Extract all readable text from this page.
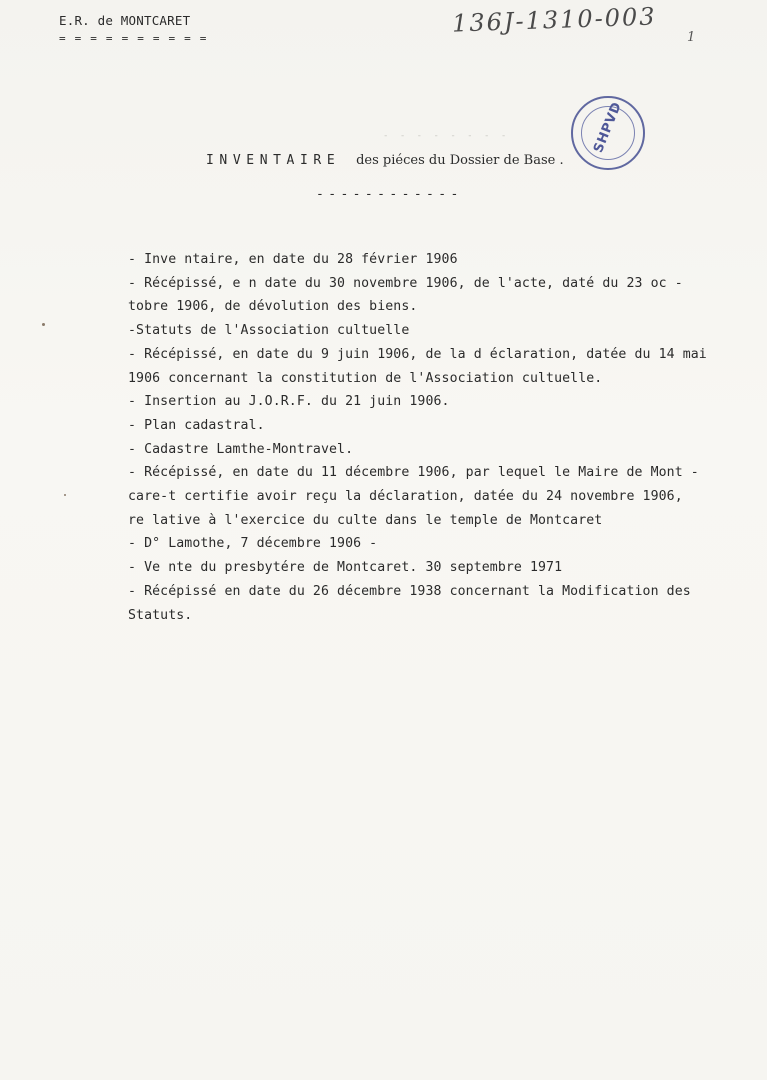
E.R. de MONTCARET
= = = = = = = = = =
136J-1310-003 1
SHPVD
- - - - - - - -
INVENTAIRE des piéces du Dossier de Base .
------------
- Inve ntaire, en date du 28 février 1906
- Récépissé, e n date du 30 novembre 1906, de l'acte, daté du 23 oc -
tobre 1906, de dévolution des biens.
-Statuts de l'Association cultuelle
- Récépissé, en date du 9 juin 1906, de la d éclaration, datée du 14 mai
1906 concernant la constitution de l'Association cultuelle.
- Insertion au J.O.R.F. du 21 juin 1906.
- Plan cadastral.
- Cadastre Lamthe-Montravel.
- Récépissé, en date du 11 décembre 1906, par lequel le Maire de Mont -
care-t certifie avoir reçu la déclaration, datée du 24 novembre 1906,
re lative à l'exercice du culte dans le temple de Montcaret
- D° Lamothe, 7 décembre 1906 -
- Ve nte du presbytére de Montcaret. 30 septembre 1971
- Récépissé en date du 26 décembre 1938 concernant la Modification des
Statuts.
